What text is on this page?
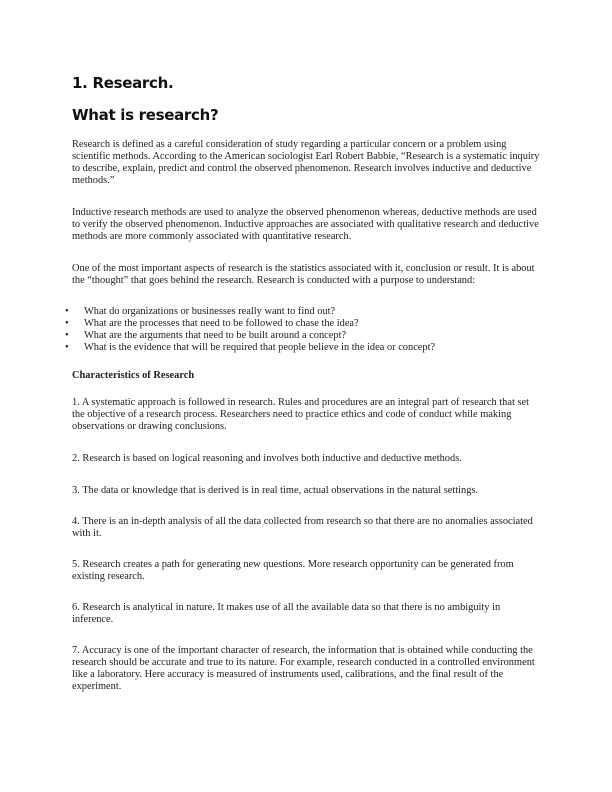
1. Research.
What is research?
Research is defined as a careful consideration of study regarding a particular concern or a problem using scientific methods. According to the American sociologist Earl Robert Babbie, “Research is a systematic inquiry to describe, explain, predict and control the observed phenomenon. Research involves inductive and deductive methods.”
Inductive research methods are used to analyze the observed phenomenon whereas, deductive methods are used to verify the observed phenomenon. Inductive approaches are associated with qualitative research and deductive methods are more commonly associated with quantitative research.
One of the most important aspects of research is the statistics associated with it, conclusion or result. It is about the “thought” that goes behind the research. Research is conducted with a purpose to understand:
• What do organizations or businesses really want to find out?
• What are the processes that need to be followed to chase the idea?
• What are the arguments that need to be built around a concept?
• What is the evidence that will be required that people believe in the idea or concept?
Characteristics of Research
1. A systematic approach is followed in research. Rules and procedures are an integral part of research that set the objective of a research process. Researchers need to practice ethics and code of conduct while making observations or drawing conclusions.
2. Research is based on logical reasoning and involves both inductive and deductive methods.
3. The data or knowledge that is derived is in real time, actual observations in the natural settings.
4. There is an in-depth analysis of all the data collected from research so that there are no anomalies associated with it.
5. Research creates a path for generating new questions. More research opportunity can be generated from existing research.
6. Research is analytical in nature. It makes use of all the available data so that there is no ambiguity in inference.
7. Accuracy is one of the important character of research, the information that is obtained while conducting the research should be accurate and true to its nature. For example, research conducted in a controlled environment like a laboratory. Here accuracy is measured of instruments used, calibrations, and the final result of the experiment.
